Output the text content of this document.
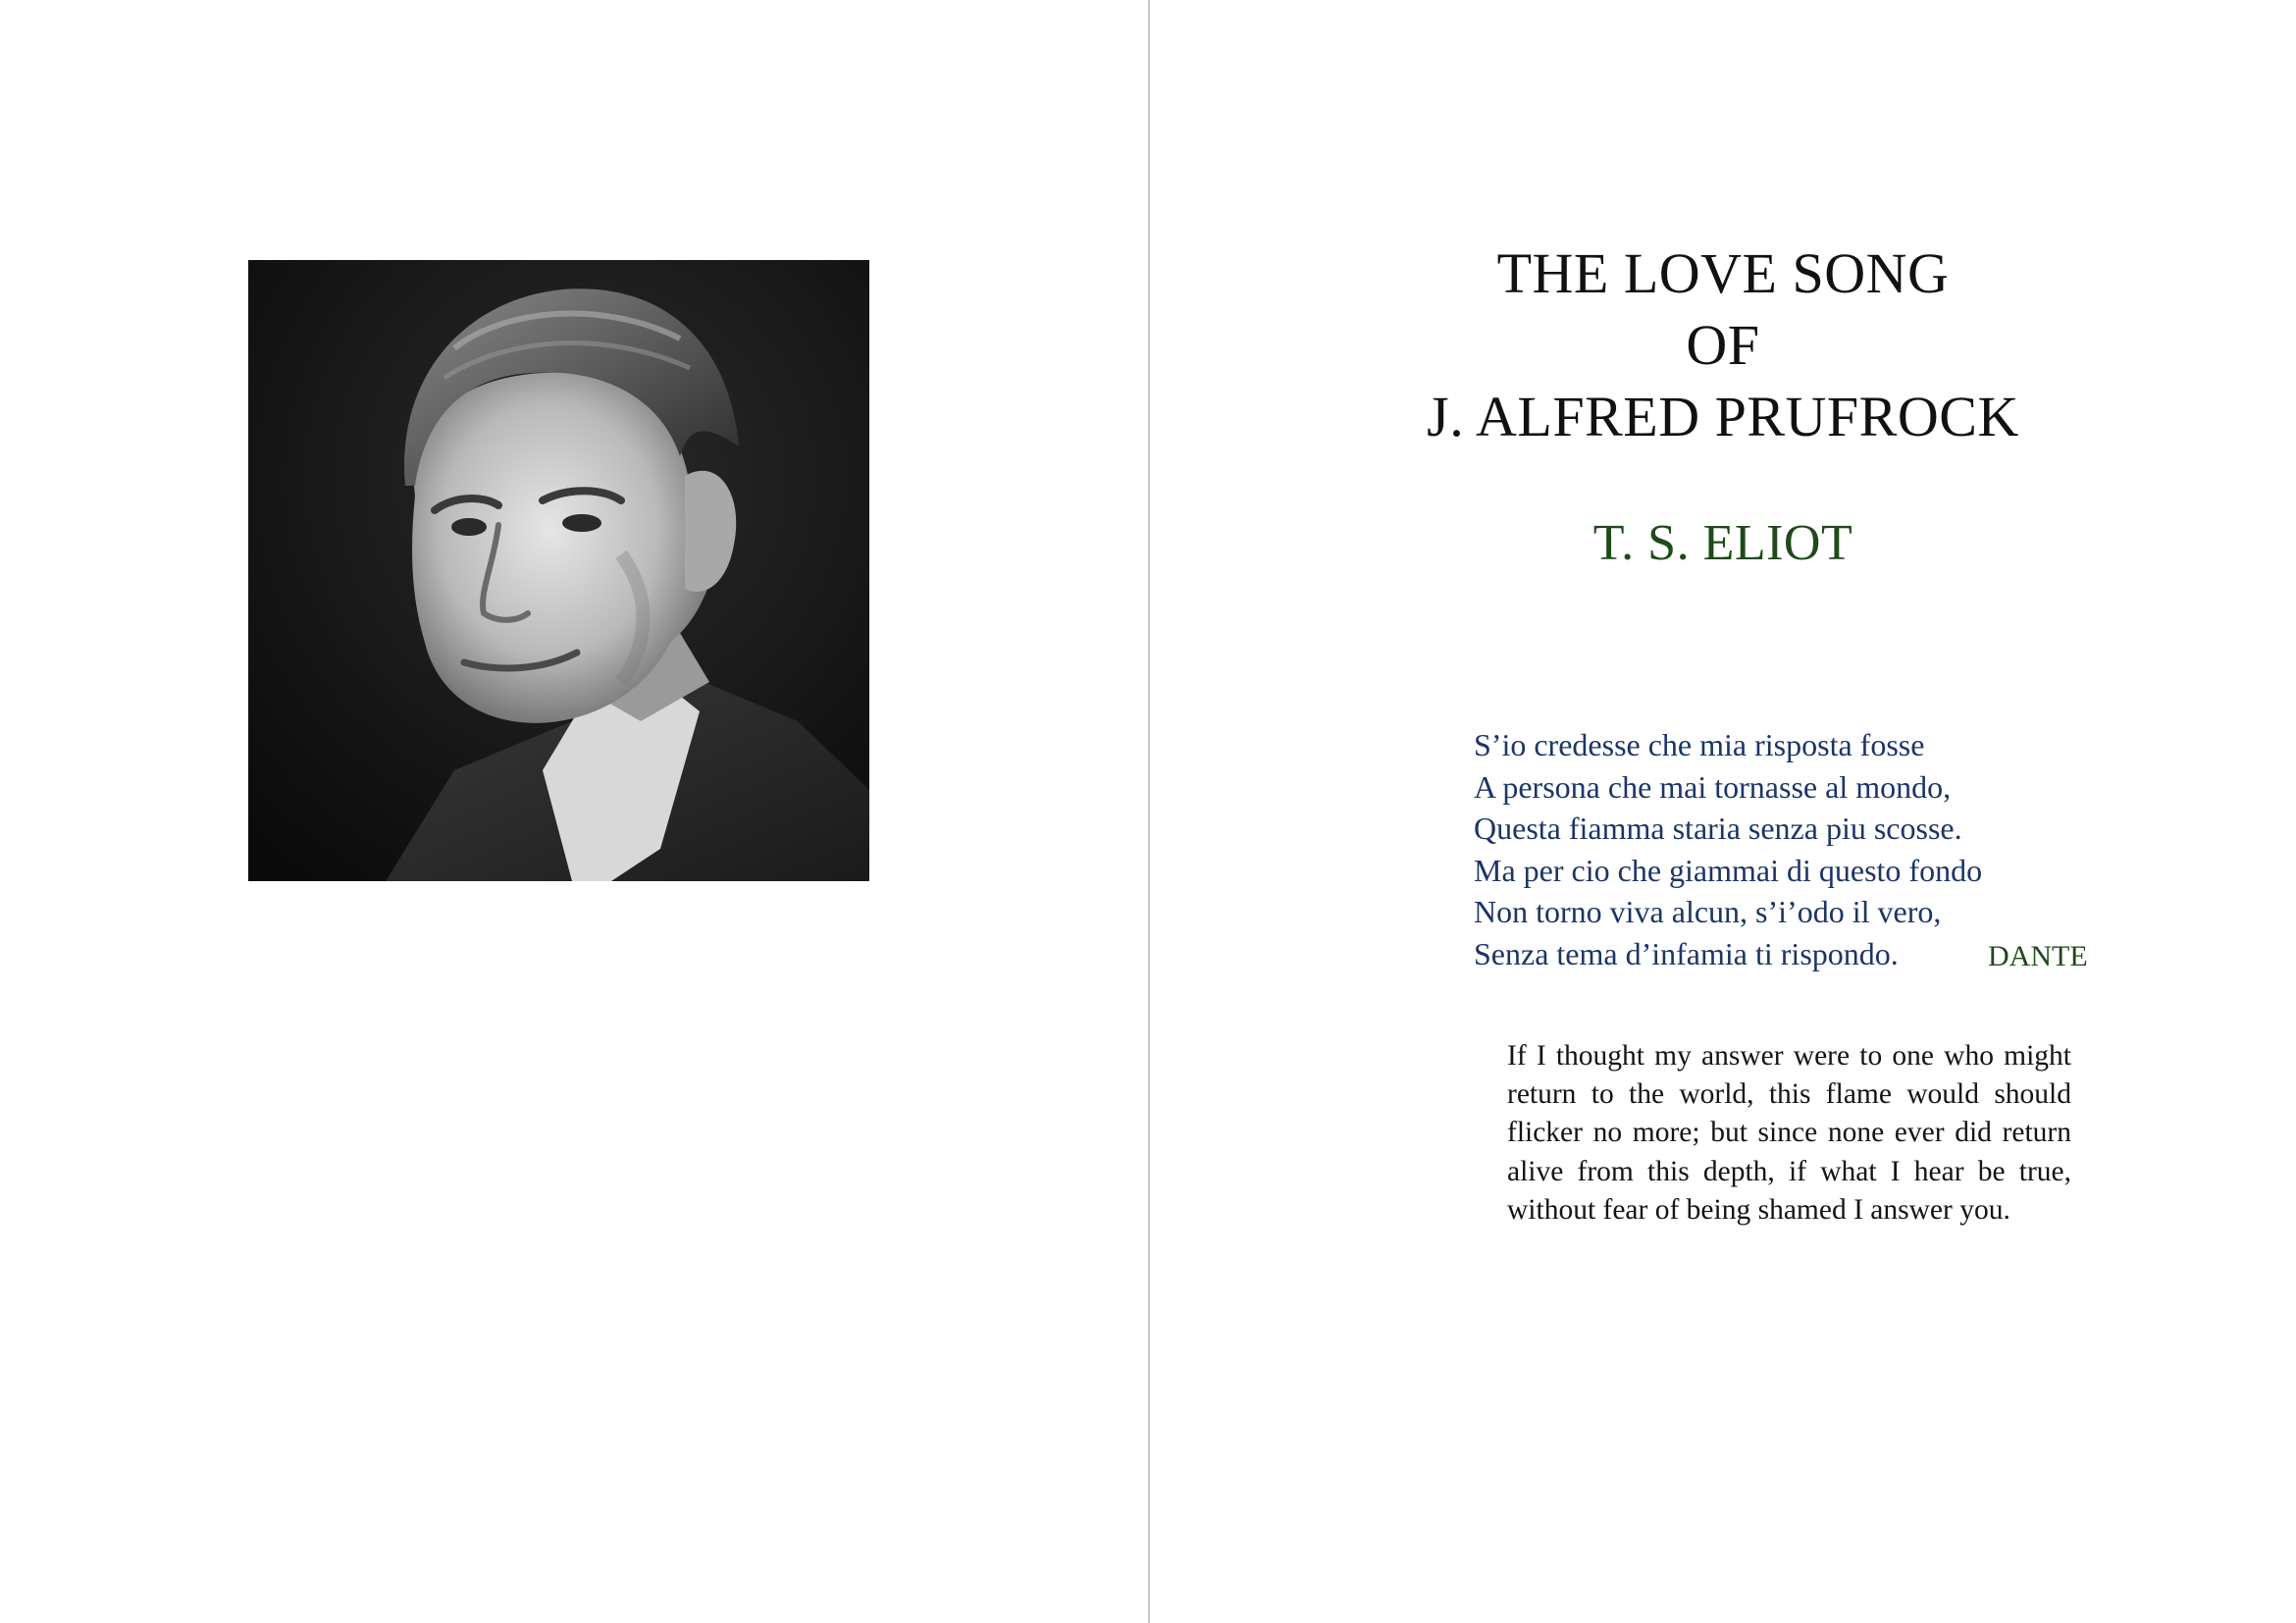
THE LOVE SONG
OF
J. ALFRED PRUFROCK
T. S. ELIOT
S’io credesse che mia risposta fosse
A persona che mai tornasse al mondo,
Questa fiamma staria senza piu scosse.
Ma per cio che giammai di questo fondo
Non torno viva alcun, s’i’odo il vero,
Senza tema d’infamia ti rispondo.
If I thought my answer were to one who might return to the world, this flame would should flicker no more; but since none ever did return alive from this depth, if what I hear be true, without fear of being shamed I answer you.
DANTE
